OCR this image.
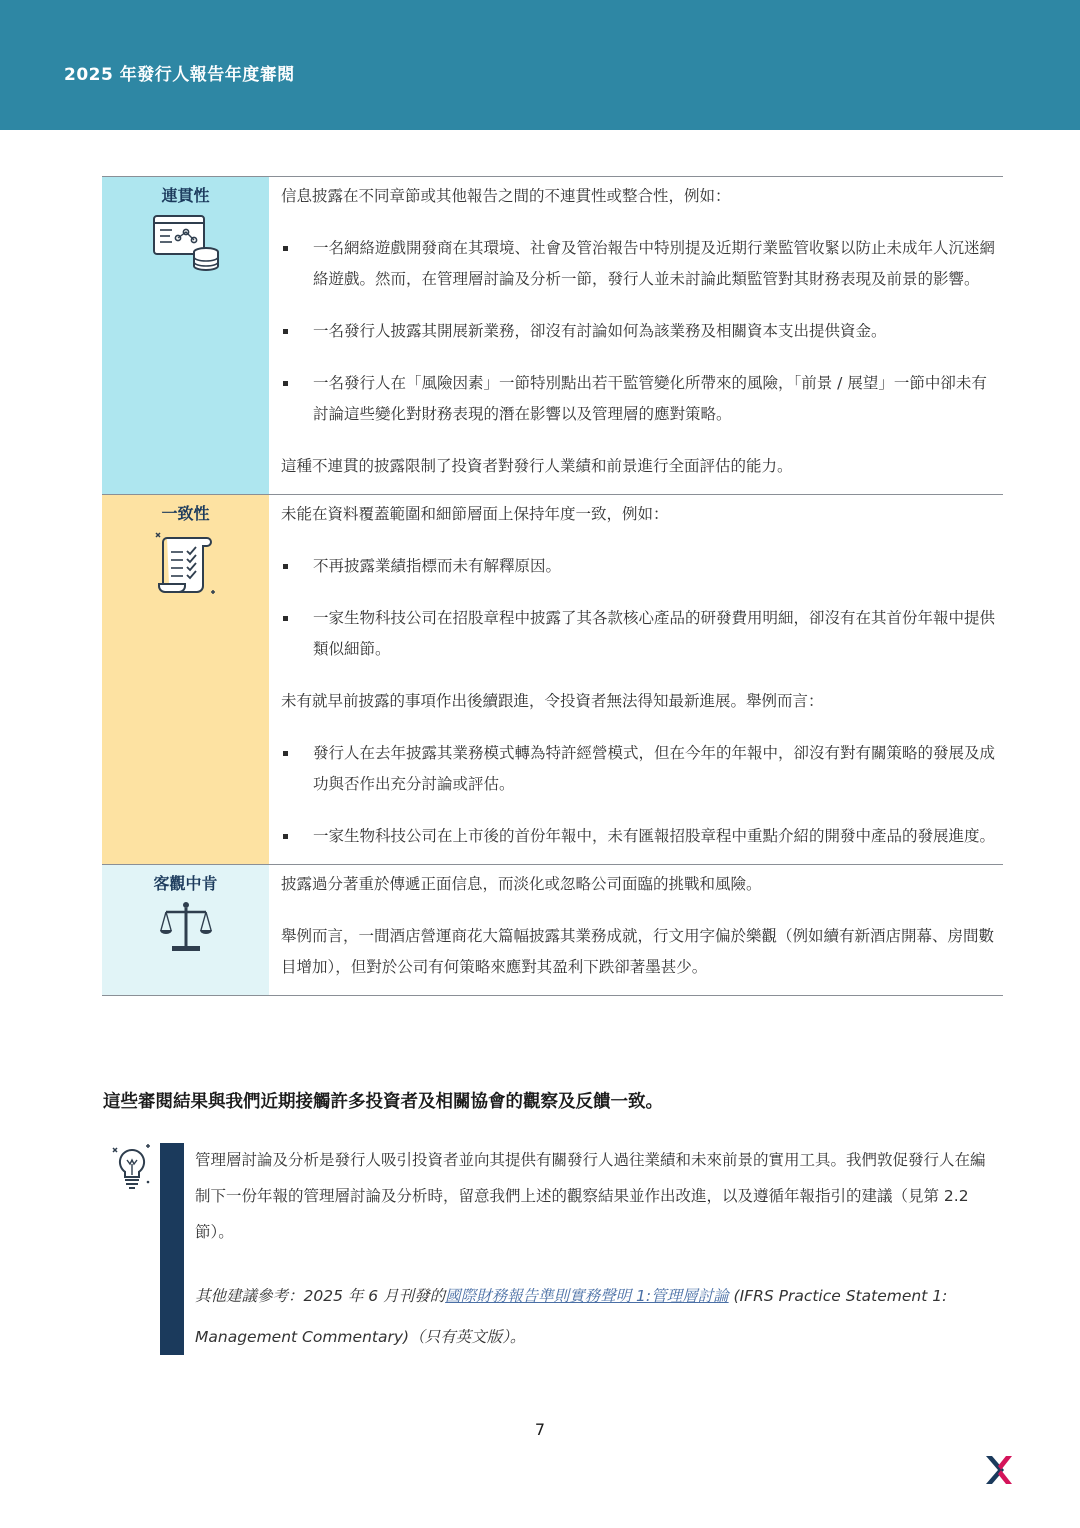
2025 年發行人報告年度審閱
連貫性	信息披露在不同章節或其他報告之間的不連貫性或整合性，例如：

一名網絡遊戲開發商在其環境、社會及管治報告中特別提及近期行業監管收緊以防止未成年人沉迷網絡遊戲。然而，在管理層討論及分析一節，發行人並未討論此類監管對其財務表現及前景的影響。
一名發行人披露其開展新業務，卻沒有討論如何為該業務及相關資本支出提供資金。
一名發行人在「風險因素」一節特別點出若干監管變化所帶來的風險，「前景 / 展望」一節中卻未有討論這些變化對財務表現的潛在影響以及管理層的應對策略。

這種不連貫的披露限制了投資者對發行人業績和前景進行全面評估的能力。

一致性	未能在資料覆蓋範圍和細節層面上保持年度一致，例如：

不再披露業績指標而未有解釋原因。
一家生物科技公司在招股章程中披露了其各款核心產品的研發費用明細，卻沒有在其首份年報中提供類似細節。

未有就早前披露的事項作出後續跟進，令投資者無法得知最新進展。舉例而言：

發行人在去年披露其業務模式轉為特許經營模式，但在今年的年報中，卻沒有對有關策略的發展及成功與否作出充分討論或評估。
一家生物科技公司在上市後的首份年報中，未有匯報招股章程中重點介紹的開發中產品的發展進度。
客觀中肯	披露過分著重於傳遞正面信息，而淡化或忽略公司面臨的挑戰和風險。

舉例而言，一間酒店營運商花大篇幅披露其業務成就，行文用字偏於樂觀（例如續有新酒店開幕、房間數目增加），但對於公司有何策略來應對其盈利下跌卻著墨甚少。

這些審閱結果與我們近期接觸許多投資者及相關協會的觀察及反饋一致。
管理層討論及分析是發行人吸引投資者並向其提供有關發行人過往業績和未來前景的實用工具。我們敦促發行人在編制下一份年報的管理層討論及分析時，留意我們上述的觀察結果並作出改進，以及遵循年報指引的建議（見第 2.2 節）。
其他建議參考：2025 年 6 月刊發的國際財務報告準則實務聲明 1:管理層討論 (IFRS Practice Statement 1: Management Commentary)（只有英文版）。
7
